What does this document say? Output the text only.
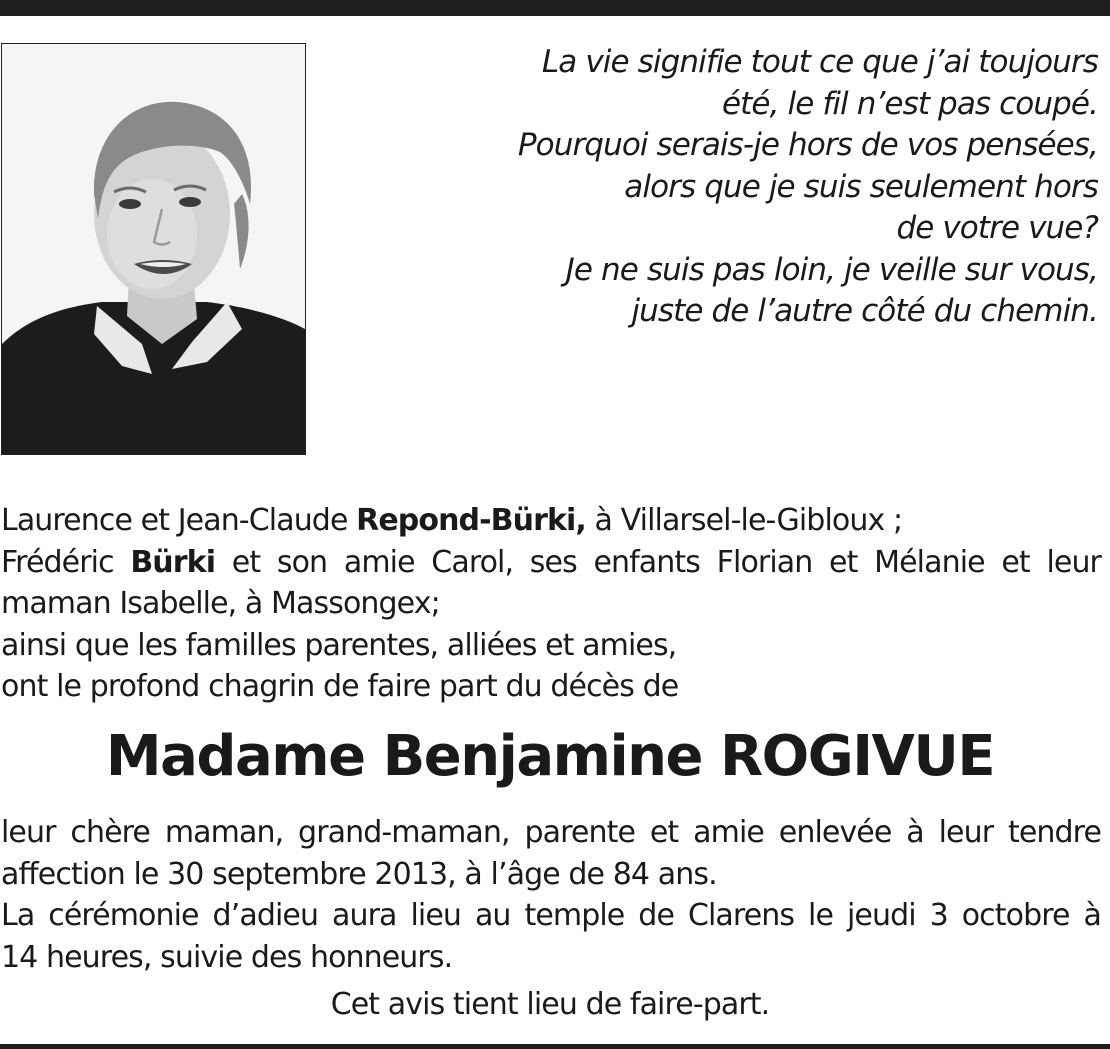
La vie signifie tout ce que j’ai toujours
été, le fil n’est pas coupé.
Pourquoi serais-je hors de vos pensées,
alors que je suis seulement hors
de votre vue?
Je ne suis pas loin, je veille sur vous,
juste de l’autre côté du chemin.
Laurence et Jean-Claude Repond-Bürki, à Villarsel-le-Gibloux ;
Frédéric Bürki et son amie Carol, ses enfants Florian et Mélanie et leur
maman Isabelle, à Massongex;
ainsi que les familles parentes, alliées et amies,
ont le profond chagrin de faire part du décès de
Madame Benjamine ROGIVUE
leur chère maman, grand-maman, parente et amie enlevée à leur tendre
affection le 30 septembre 2013, à l’âge de 84 ans.
La cérémonie d’adieu aura lieu au temple de Clarens le jeudi 3 octobre à
14 heures, suivie des honneurs.
Cet avis tient lieu de faire-part.
